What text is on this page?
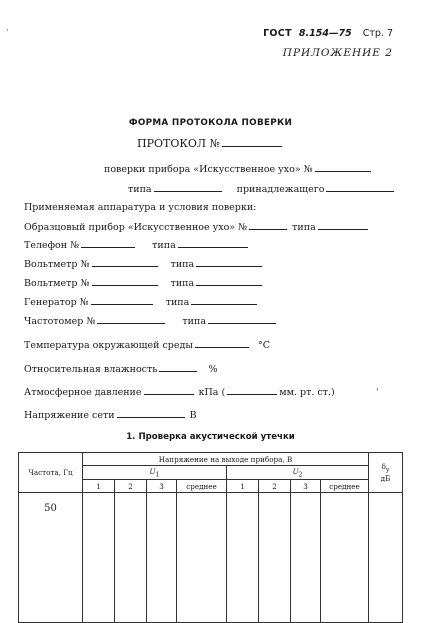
ГОСТ 8.154—75 Стр. 7
ПРИЛОЖЕНИЕ 2
ФОРМА ПРОТОКОЛА ПОВЕРКИ
ПРОТОКОЛ №
поверки прибора «Искусственное ухо» №
типа	принадлежащего
Применяемая аппаратура и условия поверки:
Образцовый прибор «Искусственное ухо» №	типа
Телефон №	типа
Вольтметр №	типа
Вольтметр №	типа
Генератор №	типа
Частотомер №	типа
Температура окружающей среды	°С
Относительная влажность	%
Атмосферное давление	кПа (	мм. рт. ст.)
Напряжение сети	В
1. Проверка акустической утечки
Частота, Гц	Напряжение на выходе прибора, В								$\delta_у$
дБ

	$U_1$				$U_2$
	1	2	3	среднее	1	2	3	среднее	
50									
·
'
